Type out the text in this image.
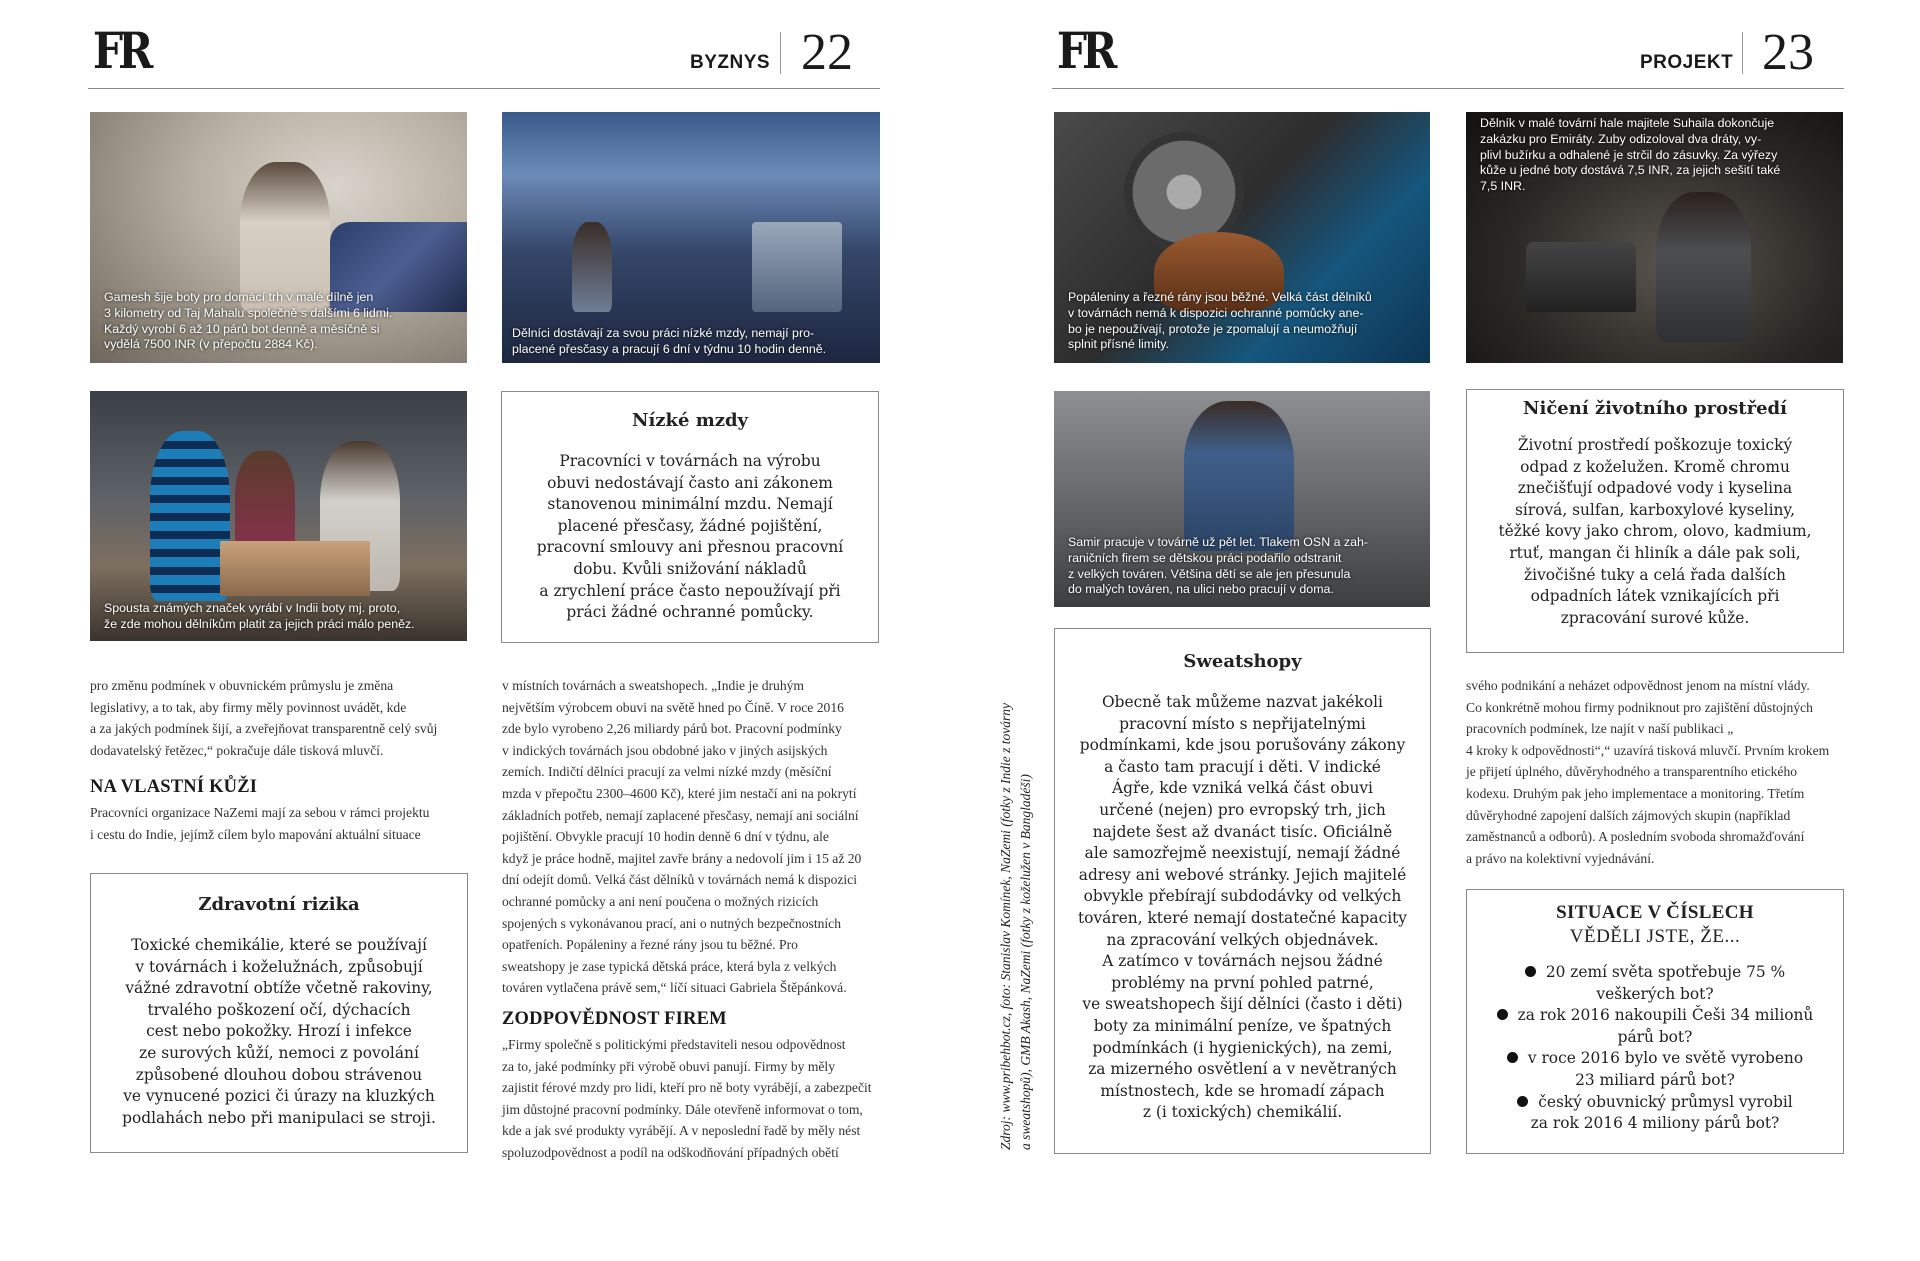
FR	BYZNYS 22	FR	PROJEKT 23
Gamesh šije boty pro domácí trh v malé dílně jen
3 kilometry od Taj Mahalu společně s dalšími 6 lidmi.
Každý vyrobí 6 až 10 párů bot denně a měsíčně si
vydělá 7500 INR (v přepočtu 2884 Kč).
Dělníci dostávají za svou práci nízké mzdy, nemají pro-
placené přesčasy a pracují 6 dní v týdnu 10 hodin denně.
Spousta známých značek vyrábí v Indii boty mj. proto,
že zde mohou dělníkům platit za jejich práci málo peněz.
Popáleniny a řezné rány jsou běžné. Velká část dělníků
v továrnách nemá k dispozici ochranné pomůcky ane-
bo je nepoužívají, protože je zpomalují a neumožňují
splnit přísné limity.
Dělník v malé tovární hale majitele Suhaila dokončuje
zakázku pro Emiráty. Zuby odizoloval dva dráty, vy-
plivl bužírku a odhalené je strčil do zásuvky. Za výřezy
kůže u jedné boty dostává 7,5 INR, za jejich sešití také
7,5 INR.
Samir pracuje v továrně už pět let. Tlakem OSN a zah-
raničních firem se dětskou práci podařilo odstranit
z velkých továren. Většina dětí se ale jen přesunula
do malých továren, na ulici nebo pracují v doma.
Nízké mzdy
Pracovníci v továrnách na výrobu
obuvi nedostávají často ani zákonem
stanovenou minimální mzdu. Nemají
placené přesčasy, žádné pojištění,
pracovní smlouvy ani přesnou pracovní
dobu. Kvůli snižování nákladů
a zrychlení práce často nepoužívají při
práci žádné ochranné pomůcky.
Zdravotní rizika
Toxické chemikálie, které se používají
v továrnách i koželužnách, způsobují
vážné zdravotní obtíže včetně rakoviny,
trvalého poškození očí, dýchacích
cest nebo pokožky. Hrozí i infekce
ze surových kůží, nemoci z povolání
způsobené dlouhou dobou strávenou
ve vynucené pozici či úrazy na kluzkých
podlahách nebo při manipulaci se stroji.
Sweatshopy
Obecně tak můžeme nazvat jakékoli
pracovní místo s nepřijatelnými
podmínkami, kde jsou porušovány zákony
a často tam pracují i děti. V indické
Ágře, kde vzniká velká část obuvi
určené (nejen) pro evropský trh, jich
najdete šest až dvanáct tisíc. Oficiálně
ale samozřejmě neexistují, nemají žádné
adresy ani webové stránky. Jejich majitelé
obvykle přebírají subdodávky od velkých
továren, které nemají dostatečné kapacity
na zpracování velkých objednávek.
A zatímco v továrnách nejsou žádné
problémy na první pohled patrné,
ve sweatshopech šijí dělníci (často i děti)
boty za minimální peníze, ve špatných
podmínkách (i hygienických), na zemi,
za mizerného osvětlení a v nevětraných
místnostech, kde se hromadí zápach
z (i toxických) chemikálií.
Ničení životního prostředí
Životní prostředí poškozuje toxický
odpad z koželužen. Kromě chromu
znečišťují odpadové vody i kyselina
sírová, sulfan, karboxylové kyseliny,
těžké kovy jako chrom, olovo, kadmium,
rtuť, mangan či hliník a dále pak soli,
živočišné tuky a celá řada dalších
odpadních látek vznikajících při
zpracování surové kůže.
SITUACE V ČÍSLECH
VĚDĚLI JSTE, ŽE...
20 zemí světa spotřebuje 75 %
veškerých bot?
za rok 2016 nakoupili Češi 34 milionů
párů bot?
v roce 2016 bylo ve světě vyrobeno
23 miliard párů bot?
český obuvnický průmysl vyrobil
za rok 2016 4 miliony párů bot?
pro změnu podmínek v obuvnickém průmyslu je změna
legislativy, a to tak, aby firmy měly povinnost uvádět, kde
a za jakých podmínek šijí, a zveřejňovat transparentně celý svůj
dodavatelský řetězec,“ pokračuje dále tisková mluvčí.
NA VLASTNÍ KŮŽI
Pracovníci organizace NaZemi mají za sebou v rámci projektu
i cestu do Indie, jejímž cílem bylo mapování aktuální situace
v místních továrnách a sweatshopech. „Indie je druhým
největším výrobcem obuvi na světě hned po Číně. V roce 2016
zde bylo vyrobeno 2,26 miliardy párů bot. Pracovní podmínky
v indických továrnách jsou obdobné jako v jiných asijských
zemích. Indičtí dělníci pracují za velmi nízké mzdy (měsíční
mzda v přepočtu 2300–4600 Kč), které jim nestačí ani na pokrytí
základních potřeb, nemají zaplacené přesčasy, nemají ani sociální
pojištění. Obvykle pracují 10 hodin denně 6 dní v týdnu, ale
když je práce hodně, majitel zavře brány a nedovolí jim i 15 až 20
dní odejít domů. Velká část dělníků v továrnách nemá k dispozici
ochranné pomůcky a ani není poučena o možných rizicích
spojených s vykonávanou prací, ani o nutných bezpečnostních
opatřeních. Popáleniny a řezné rány jsou tu běžné. Pro
sweatshopy je zase typická dětská práce, která byla z velkých
továren vytlačena právě sem,“ líčí situaci Gabriela Štěpánková.
ZODPOVĚDNOST FIREM
„Firmy společně s politickými představiteli nesou odpovědnost
za to, jaké podmínky při výrobě obuvi panují. Firmy by měly
zajistit férové mzdy pro lidi, kteří pro ně boty vyrábějí, a zabezpečit
jim důstojné pracovní podmínky. Dále otevřeně informovat o tom,
kde a jak své produkty vyrábějí. A v neposlední řadě by měly nést
spoluzodpovědnost a podíl na odškodňování případných obětí
svého podnikání a neházet odpovědnost jenom na místní vlády.
Co konkrétně mohou firmy podniknout pro zajištění důstojných
pracovních podmínek, lze najít v naší publikaci „
4 kroky k odpovědnosti“,“ uzavírá tisková mluvčí. Prvním krokem
je přijetí úplného, důvěryhodného a transparentního etického
kodexu. Druhým pak jeho implementace a monitoring. Třetím
důvěryhodné zapojení dalších zájmových skupin (například
zaměstnanců a odborů). A posledním svoboda shromažďování
a právo na kolektivní vyjednávání.
Zdroj: www.pribehbot.cz, foto: Stanislav Komínek, NaZemi (fotky z Indie z továrny
a sweatshopů), GMB Akash, NaZemi (fotky z koželužen v Bangladéši)
